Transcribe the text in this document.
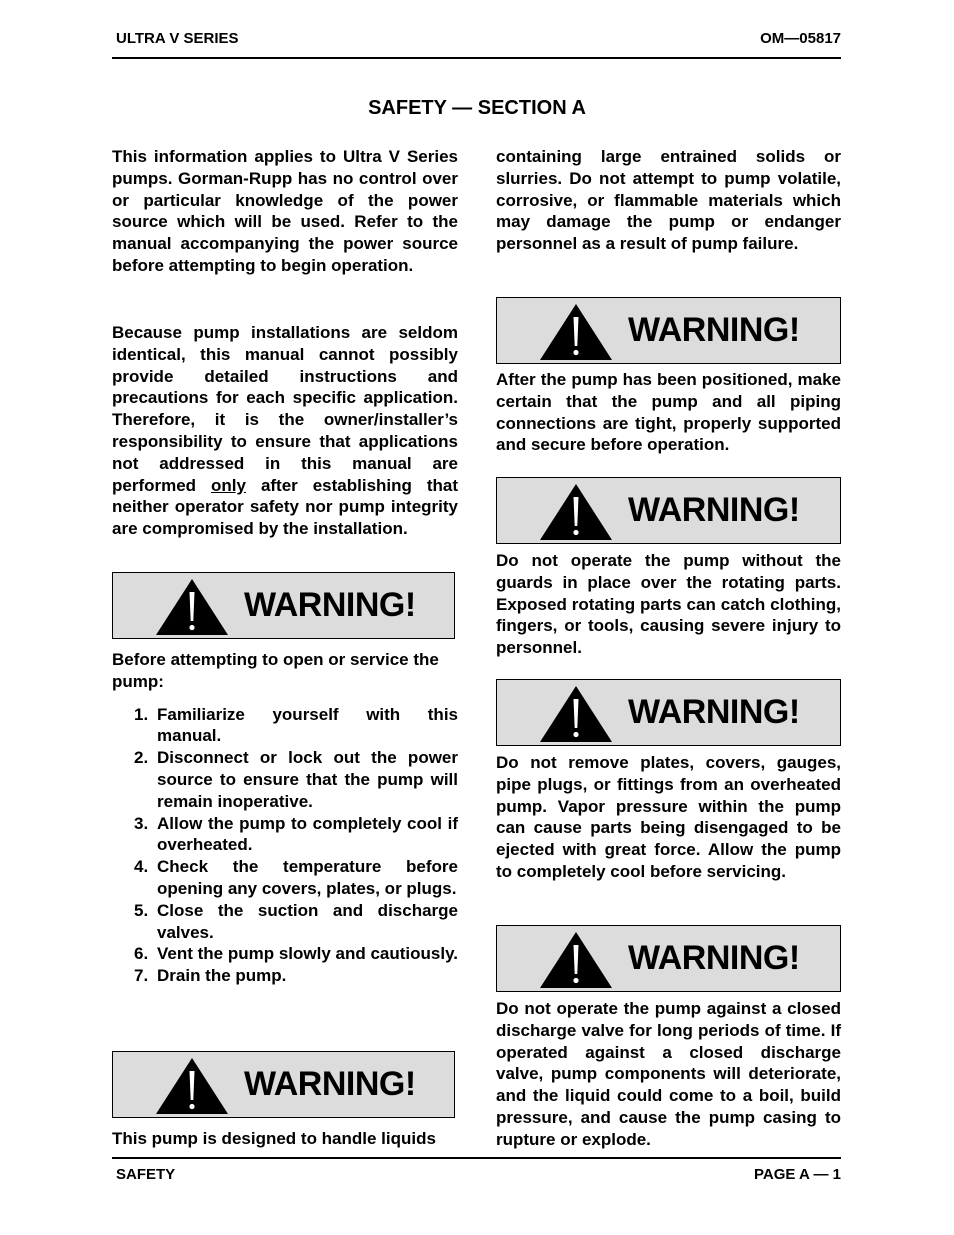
ULTRA V SERIES	OM—05817
SAFETY — SECTION A

This information applies to Ultra V Series pumps. Gorman-Rupp has no control over or particular knowledge of the power source which will be used. Refer to the manual accompanying the power source before attempting to begin operation.

Because pump installations are seldom identical, this manual cannot possibly provide detailed instructions and precautions for each specific application. Therefore, it is the owner/installer’s responsibility to ensure that applications not addressed in this manual are performed only after establishing that neither operator safety nor pump integrity are compromised by the installation.

WARNING!

Before attempting to open or service the pump:

1. Familiarize yourself with this manual.
2. Disconnect or lock out the power source to ensure that the pump will remain inoperative.
3. Allow the pump to completely cool if overheated.
4. Check the temperature before opening any covers, plates, or plugs.
5. Close the suction and discharge valves.
6. Vent the pump slowly and cautiously.
7. Drain the pump.
WARNING!

This pump is designed to handle liquids

containing large entrained solids or slurries. Do not attempt to pump volatile, corrosive, or flammable materials which may damage the pump or endanger personnel as a result of pump failure.

WARNING!

After the pump has been positioned, make certain that the pump and all piping connections are tight, properly supported and secure before operation.

WARNING!

Do not operate the pump without the guards in place over the rotating parts. Exposed rotating parts can catch clothing, fingers, or tools, causing severe injury to personnel.

WARNING!

Do not remove plates, covers, gauges, pipe plugs, or fittings from an overheated pump. Vapor pressure within the pump can cause parts being disengaged to be ejected with great force. Allow the pump to completely cool before servicing.

WARNING!

Do not operate the pump against a closed discharge valve for long periods of time. If operated against a closed discharge valve, pump components will deteriorate, and the liquid could come to a boil, build pressure, and cause the pump casing to rupture or explode.

SAFETY	PAGE A — 1
